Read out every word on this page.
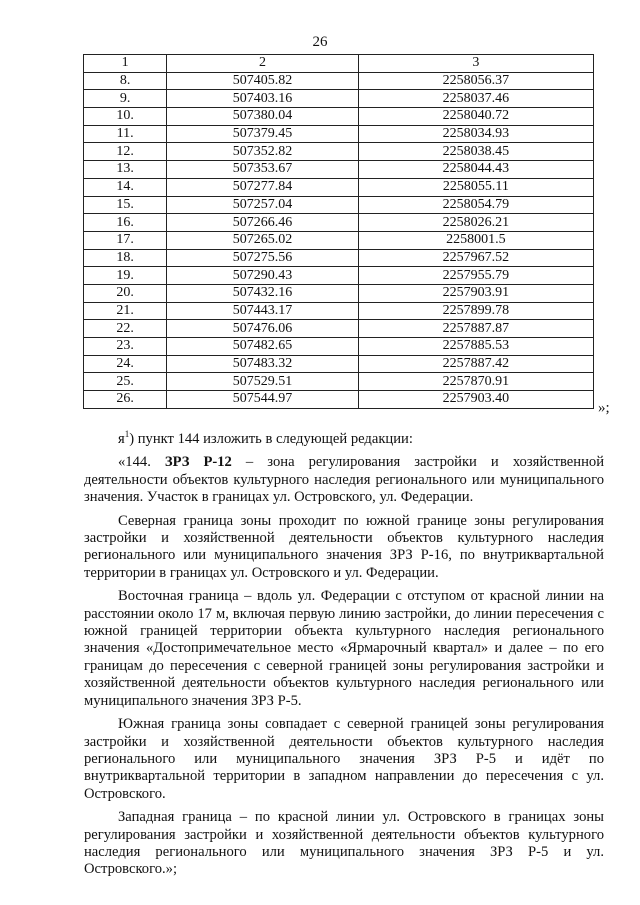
26
1	2	3
8.	507405.82	2258056.37
9.	507403.16	2258037.46
10.	507380.04	2258040.72
11.	507379.45	2258034.93
12.	507352.82	2258038.45
13.	507353.67	2258044.43
14.	507277.84	2258055.11
15.	507257.04	2258054.79
16.	507266.46	2258026.21
17.	507265.02	2258001.5
18.	507275.56	2257967.52
19.	507290.43	2257955.79
20.	507432.16	2257903.91
21.	507443.17	2257899.78
22.	507476.06	2257887.87
23.	507482.65	2257885.53
24.	507483.32	2257887.42
25.	507529.51	2257870.91
26.	507544.97	2257903.40
»;

$я^1$) пункт 144 изложить в следующей редакции:

«144. ЗРЗ Р-12 – зона регулирования застройки и хозяйственной деятельности объектов культурного наследия регионального или муниципального значения. Участок в границах ул. Островского, ул. Федерации.

Северная граница зоны проходит по южной границе зоны регулирования застройки и хозяйственной деятельности объектов культурного наследия регионального или муниципального значения ЗРЗ Р-16, по внутриквартальной территории в границах ул. Островского и ул. Федерации.

Восточная граница – вдоль ул. Федерации с отступом от красной линии на расстоянии около 17 м, включая первую линию застройки, до линии пересечения с южной границей территории объекта культурного наследия регионального значения «Достопримечательное место «Ярмарочный квартал» и далее – по его границам до пересечения с северной границей зоны регулирования застройки и хозяйственной деятельности объектов культурного наследия регионального или муниципального значения ЗРЗ Р-5.

Южная граница зоны совпадает с северной границей зоны регулирования застройки и хозяйственной деятельности объектов культурного наследия регионального или муниципального значения ЗРЗ Р-5 и идёт по внутриквартальной территории в западном направлении до пересечения с ул. Островского.

Западная граница – по красной линии ул. Островского в границах зоны регулирования застройки и хозяйственной деятельности объектов культурного наследия регионального или муниципального значения ЗРЗ Р-5 и ул. Островского.»;
